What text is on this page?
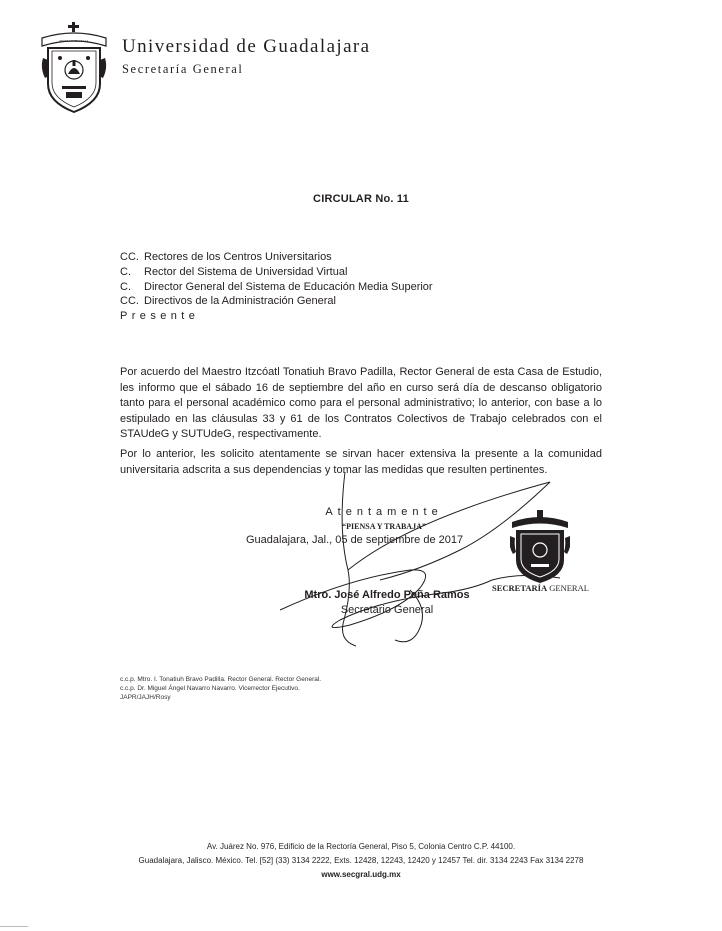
PIENSA Y TRABAJA Universidad de Guadalajara
Secretaría General
CIRCULAR No. 11
CC. Rectores de los Centros Universitarios
C. Rector del Sistema de Universidad Virtual
C. Director General del Sistema de Educación Media Superior
CC. Directivos de la Administración General
Presente

Por acuerdo del Maestro Itzcóatl Tonatiuh Bravo Padilla, Rector General de esta Casa de Estudio, les informo que el sábado 16 de septiembre del año en curso será día de descanso obligatorio tanto para el personal académico como para el personal administrativo; lo anterior, con base a lo estipulado en las cláusulas 33 y 61 de los Contratos Colectivos de Trabajo celebrados con el STAUdeG y SUTUdeG, respectivamente.

Por lo anterior, les solicito atentamente se sirvan hacer extensiva la presente a la comunidad universitaria adscrita a sus dependencias y tomar las medidas que resulten pertinentes.

Atentamente
“PIENSA Y TRABAJA”
Guadalajara, Jal., 05 de septiembre de 2017
Mtro. José Alfredo Peña Ramos
Secretario General
SECRETARÍA GENERAL
c.c.p. Mtro. I. Tonatiuh Bravo Padilla. Rector General. Rector General.
c.c.p. Dr. Miguel Ángel Navarro Navarro. Vicerrector Ejecutivo.
JAPR/JAJH/Rosy
Av. Juárez No. 976, Edificio de la Rectoría General, Piso 5, Colonia Centro C.P. 44100.
Guadalajara, Jalisco. México. Tel. [52] (33) 3134 2222, Exts. 12428, 12243, 12420 y 12457 Tel. dir. 3134 2243 Fax 3134 2278
www.secgral.udg.mx
